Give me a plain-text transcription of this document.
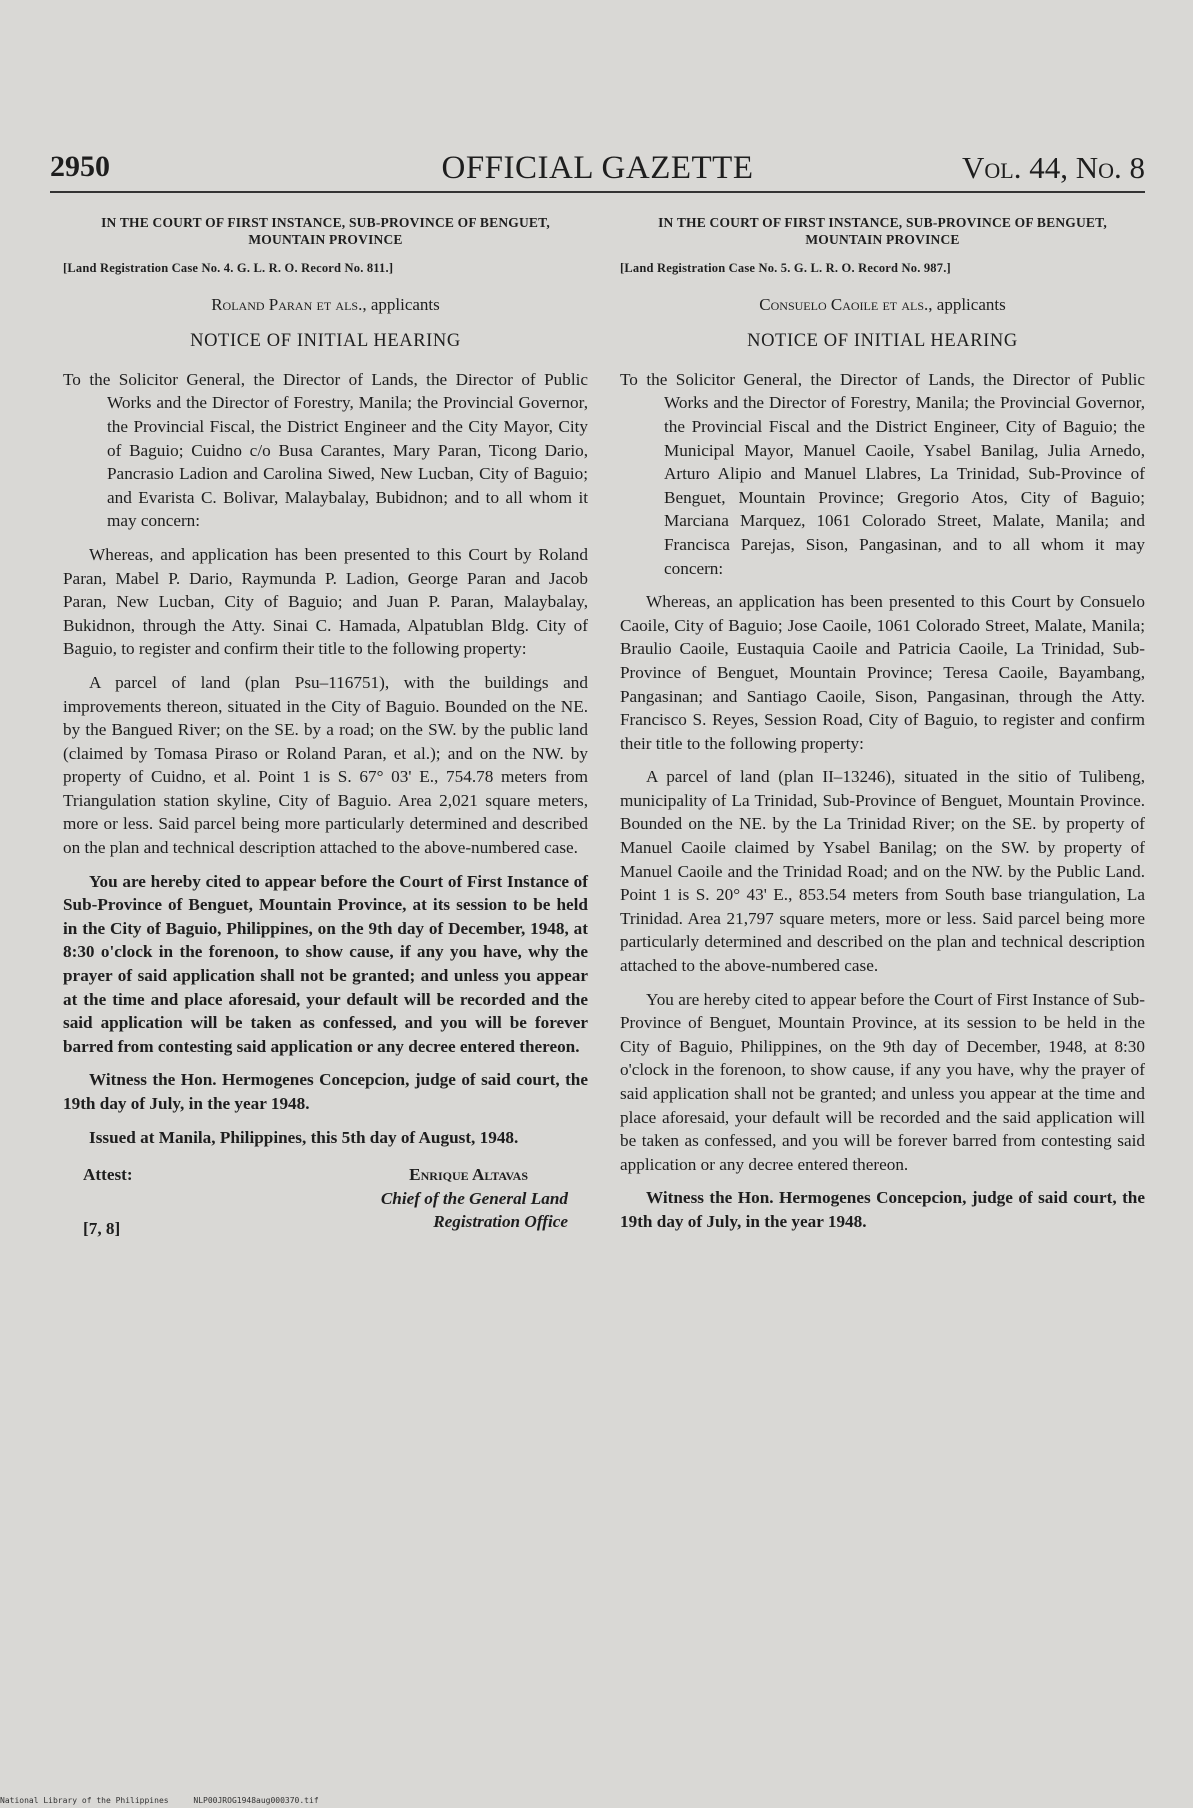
2950	OFFICIAL GAZETTE	Vol. 44, No. 8
IN THE COURT OF FIRST INSTANCE, SUB-PROVINCE OF BENGUET, MOUNTAIN PROVINCE
[Land Registration Case No. 4. G. L. R. O. Record No. 811.]
Roland Paran et als., applicants
NOTICE OF INITIAL HEARING
To the Solicitor General, the Director of Lands, the Director of Public Works and the Director of Forestry, Manila; the Provincial Governor, the Provincial Fiscal, the District Engineer and the City Mayor, City of Baguio; Cuidno c/o Busa Carantes, Mary Paran, Ticong Dario, Pancrasio Ladion and Carolina Siwed, New Lucban, City of Baguio; and Evarista C. Bolivar, Malaybalay, Bubidnon; and to all whom it may concern:
Whereas, and application has been presented to this Court by Roland Paran, Mabel P. Dario, Raymunda P. Ladion, George Paran and Jacob Paran, New Lucban, City of Baguio; and Juan P. Paran, Malaybalay, Bukidnon, through the Atty. Sinai C. Hamada, Alpatublan Bldg. City of Baguio, to register and confirm their title to the following property:
A parcel of land (plan Psu–116751), with the buildings and improvements thereon, situated in the City of Baguio. Bounded on the NE. by the Bangued River; on the SE. by a road; on the SW. by the public land (claimed by Tomasa Piraso or Roland Paran, et al.); and on the NW. by property of Cuidno, et al. Point 1 is S. 67° 03' E., 754.78 meters from Triangulation station skyline, City of Baguio. Area 2,021 square meters, more or less. Said parcel being more particularly determined and described on the plan and technical description attached to the above-numbered case.
You are hereby cited to appear before the Court of First Instance of Sub-Province of Benguet, Mountain Province, at its session to be held in the City of Baguio, Philippines, on the 9th day of December, 1948, at 8:30 o'clock in the forenoon, to show cause, if any you have, why the prayer of said application shall not be granted; and unless you appear at the time and place aforesaid, your default will be recorded and the said application will be taken as confessed, and you will be forever barred from contesting said application or any decree entered thereon.
Witness the Hon. Hermogenes Concepcion, judge of said court, the 19th day of July, in the year 1948.
Issued at Manila, Philippines, this 5th day of August, 1948.
Attest:
[7, 8]
Enrique Altavas
Chief of the General Land
Registration Office
IN THE COURT OF FIRST INSTANCE, SUB-PROVINCE OF BENGUET, MOUNTAIN PROVINCE
[Land Registration Case No. 5. G. L. R. O. Record No. 987.]
Consuelo Caoile et als., applicants
NOTICE OF INITIAL HEARING
To the Solicitor General, the Director of Lands, the Director of Public Works and the Director of Forestry, Manila; the Provincial Governor, the Provincial Fiscal and the District Engineer, City of Baguio; the Municipal Mayor, Manuel Caoile, Ysabel Banilag, Julia Arnedo, Arturo Alipio and Manuel Llabres, La Trinidad, Sub-Province of Benguet, Mountain Province; Gregorio Atos, City of Baguio; Marciana Marquez, 1061 Colorado Street, Malate, Manila; and Francisca Parejas, Sison, Pangasinan, and to all whom it may concern:
Whereas, an application has been presented to this Court by Consuelo Caoile, City of Baguio; Jose Caoile, 1061 Colorado Street, Malate, Manila; Braulio Caoile, Eustaquia Caoile and Patricia Caoile, La Trinidad, Sub-Province of Benguet, Mountain Province; Teresa Caoile, Bayambang, Pangasinan; and Santiago Caoile, Sison, Pangasinan, through the Atty. Francisco S. Reyes, Session Road, City of Baguio, to register and confirm their title to the following property:
A parcel of land (plan II–13246), situated in the sitio of Tulibeng, municipality of La Trinidad, Sub-Province of Benguet, Mountain Province. Bounded on the NE. by the La Trinidad River; on the SE. by property of Manuel Caoile claimed by Ysabel Banilag; on the SW. by property of Manuel Caoile and the Trinidad Road; and on the NW. by the Public Land. Point 1 is S. 20° 43' E., 853.54 meters from South base triangulation, La Trinidad. Area 21,797 square meters, more or less. Said parcel being more particularly determined and described on the plan and technical description attached to the above-numbered case.
You are hereby cited to appear before the Court of First Instance of Sub-Province of Benguet, Mountain Province, at its session to be held in the City of Baguio, Philippines, on the 9th day of December, 1948, at 8:30 o'clock in the forenoon, to show cause, if any you have, why the prayer of said application shall not be granted; and unless you appear at the time and place aforesaid, your default will be recorded and the said application will be taken as confessed, and you will be forever barred from contesting said application or any decree entered thereon.
Witness the Hon. Hermogenes Concepcion, judge of said court, the 19th day of July, in the year 1948.
National Library of the Philippines	NLP00JROG1948aug000370.tif
